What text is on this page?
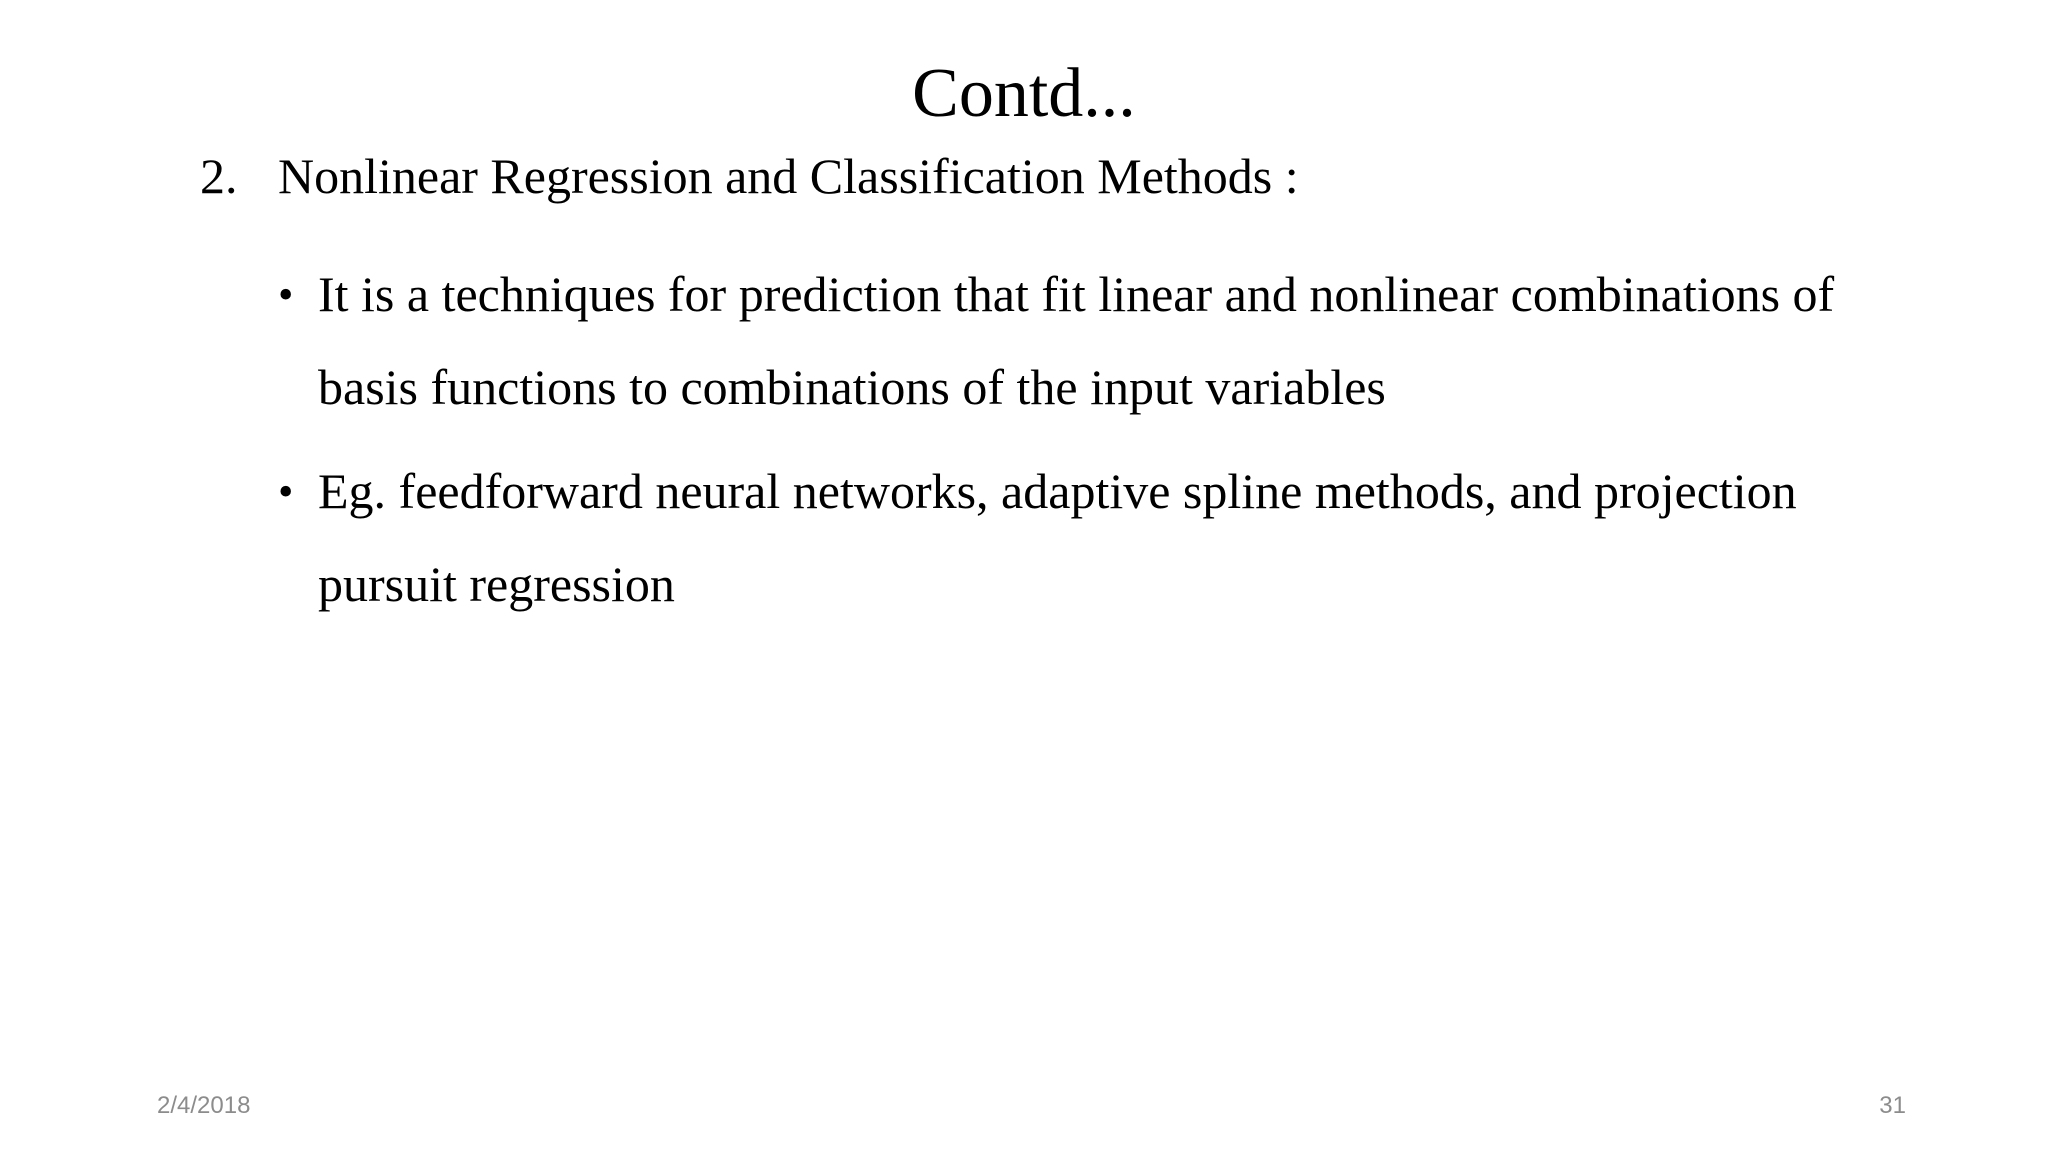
Contd...
2. Nonlinear Regression and Classification Methods :
• It is a techniques for prediction that fit linear and nonlinear combinations of basis functions to combinations of the input variables
• Eg. feedforward neural networks, adaptive spline methods, and projection pursuit regression
2/4/2018	31
